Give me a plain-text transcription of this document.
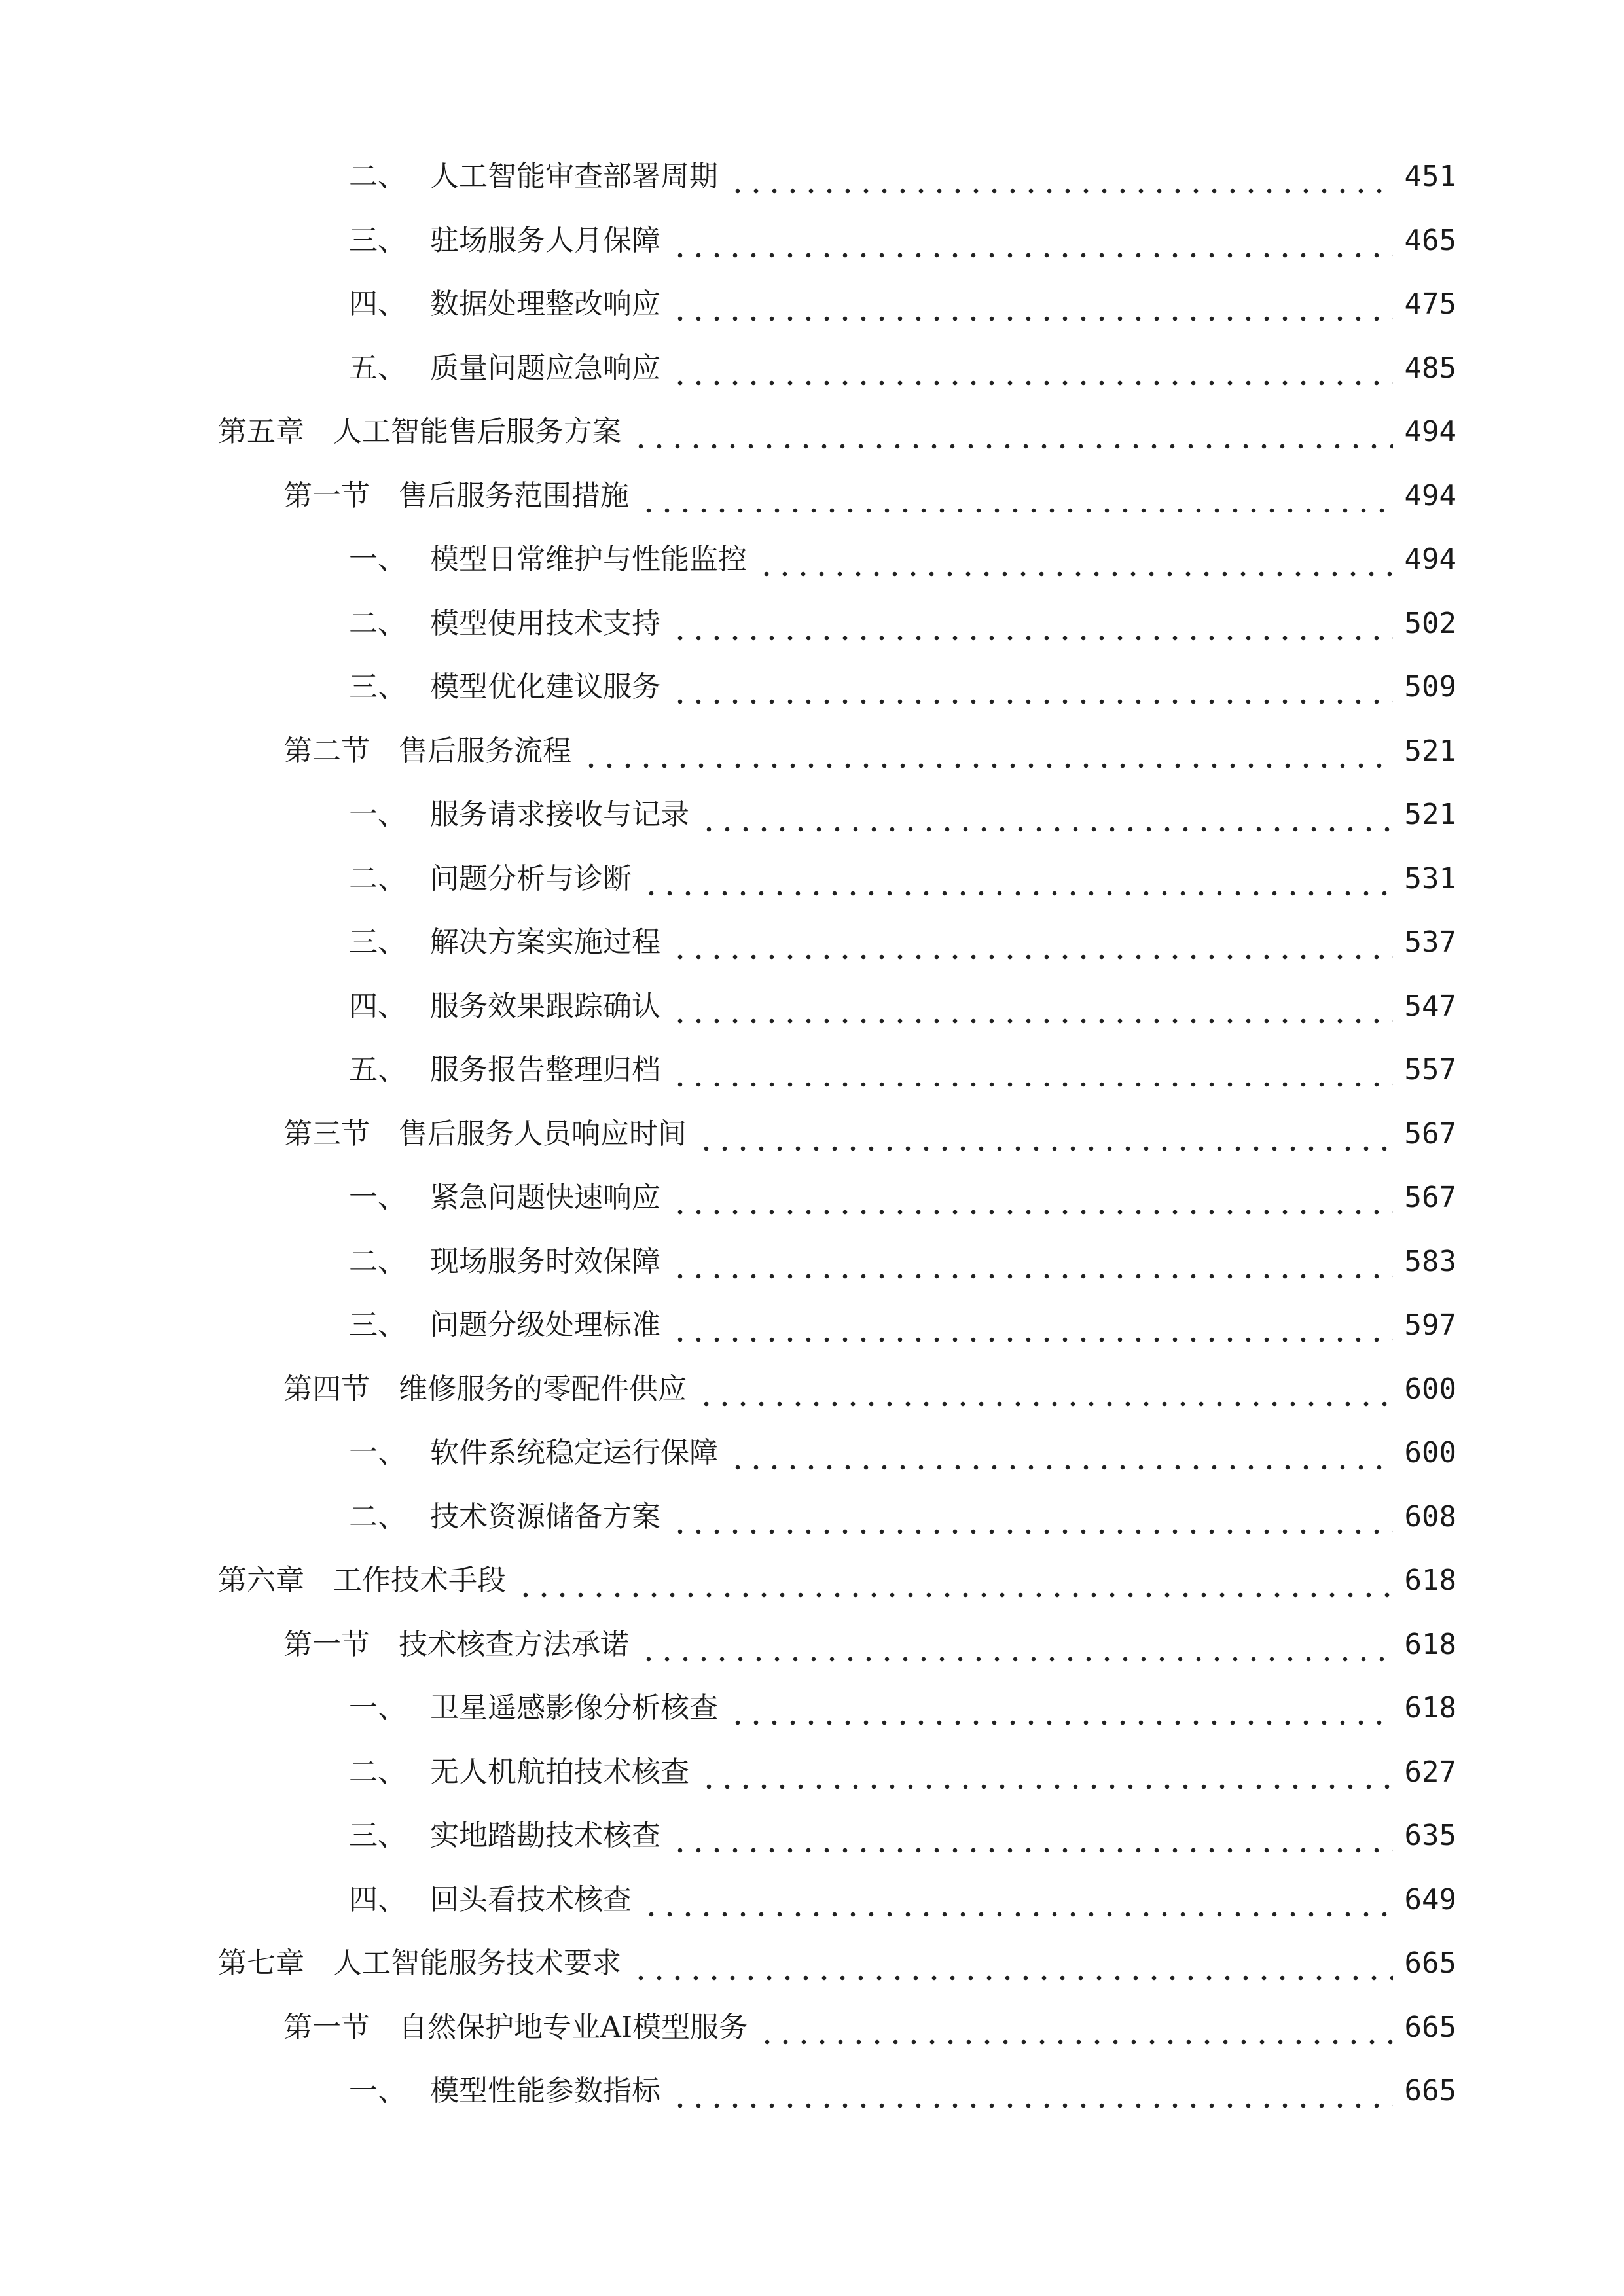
二、 人工智能审查部署周期	451
三、 驻场服务人月保障	465
四、 数据处理整改响应	475
五、 质量问题应急响应	485
第五章	人工智能售后服务方案	494
第一节	售后服务范围措施	494
一、 模型日常维护与性能监控	494
二、 模型使用技术支持	502
三、 模型优化建议服务	509
第二节	售后服务流程	521
一、 服务请求接收与记录	521
二、 问题分析与诊断	531
三、 解决方案实施过程	537
四、 服务效果跟踪确认	547
五、 服务报告整理归档	557
第三节	售后服务人员响应时间	567
一、 紧急问题快速响应	567
二、 现场服务时效保障	583
三、 问题分级处理标准	597
第四节	维修服务的零配件供应	600
一、 软件系统稳定运行保障	600
二、 技术资源储备方案	608
第六章	工作技术手段	618
第一节	技术核查方法承诺	618
一、 卫星遥感影像分析核查	618
二、 无人机航拍技术核查	627
三、 实地踏勘技术核查	635
四、 回头看技术核查	649
第七章	人工智能服务技术要求	665
第一节	自然保护地专业AI模型服务	665
一、 模型性能参数指标	665
